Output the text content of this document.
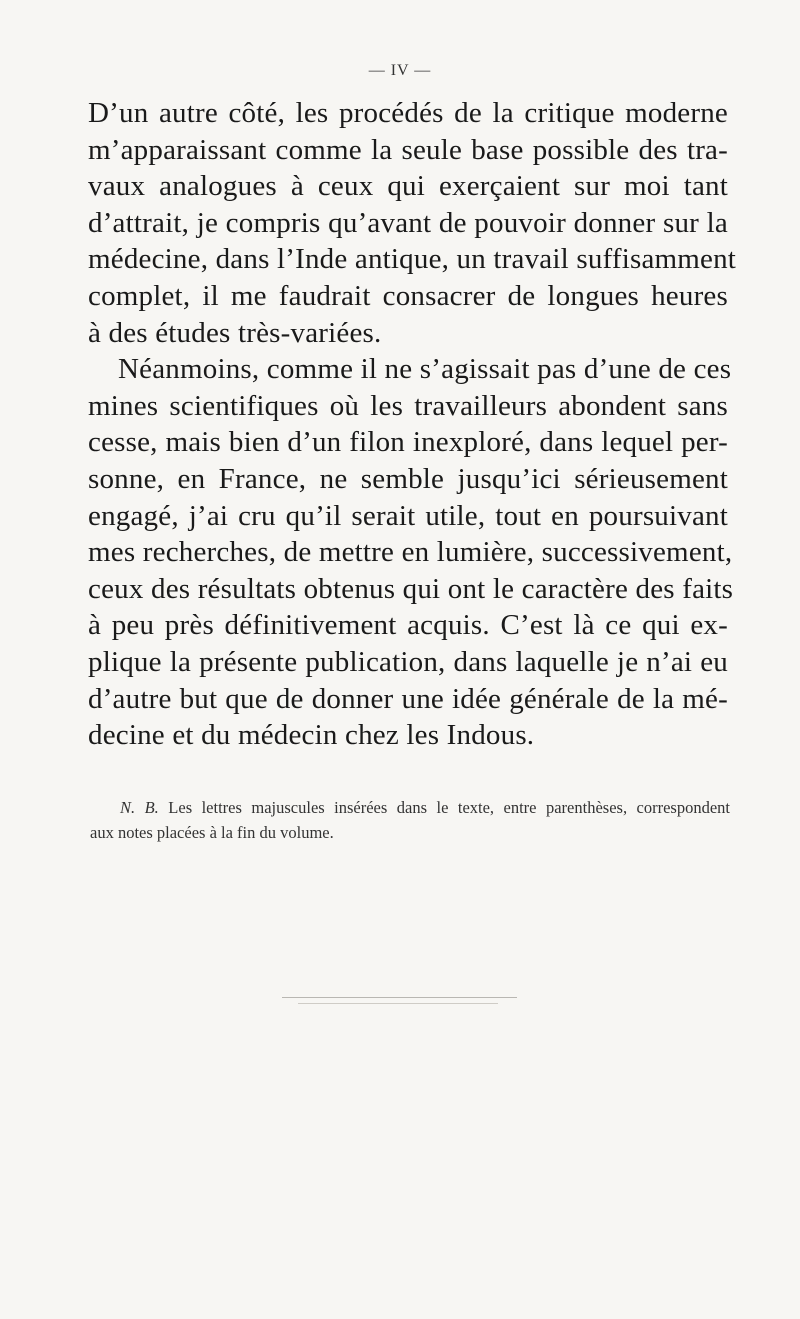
— IV —
D’un autre côté, les procédés de la critique moderne
m’apparaissant comme la seule base possible des tra-
vaux analogues à ceux qui exerçaient sur moi tant
d’attrait, je compris qu’avant de pouvoir donner sur la
médecine, dans l’Inde antique, un travail suffisamment
complet, il me faudrait consacrer de longues heures
à des études très-variées.
Néanmoins, comme il ne s’agissait pas d’une de ces
mines scientifiques où les travailleurs abondent sans
cesse, mais bien d’un filon inexploré, dans lequel per-
sonne, en France, ne semble jusqu’ici sérieusement
engagé, j’ai cru qu’il serait utile, tout en poursuivant
mes recherches, de mettre en lumière, successivement,
ceux des résultats obtenus qui ont le caractère des faits
à peu près définitivement acquis. C’est là ce qui ex-
plique la présente publication, dans laquelle je n’ai eu
d’autre but que de donner une idée générale de la mé-
decine et du médecin chez les Indous.
N. B. Les lettres majuscules insérées dans le texte, entre parenthèses, correspondent
aux notes placées à la fin du volume.
